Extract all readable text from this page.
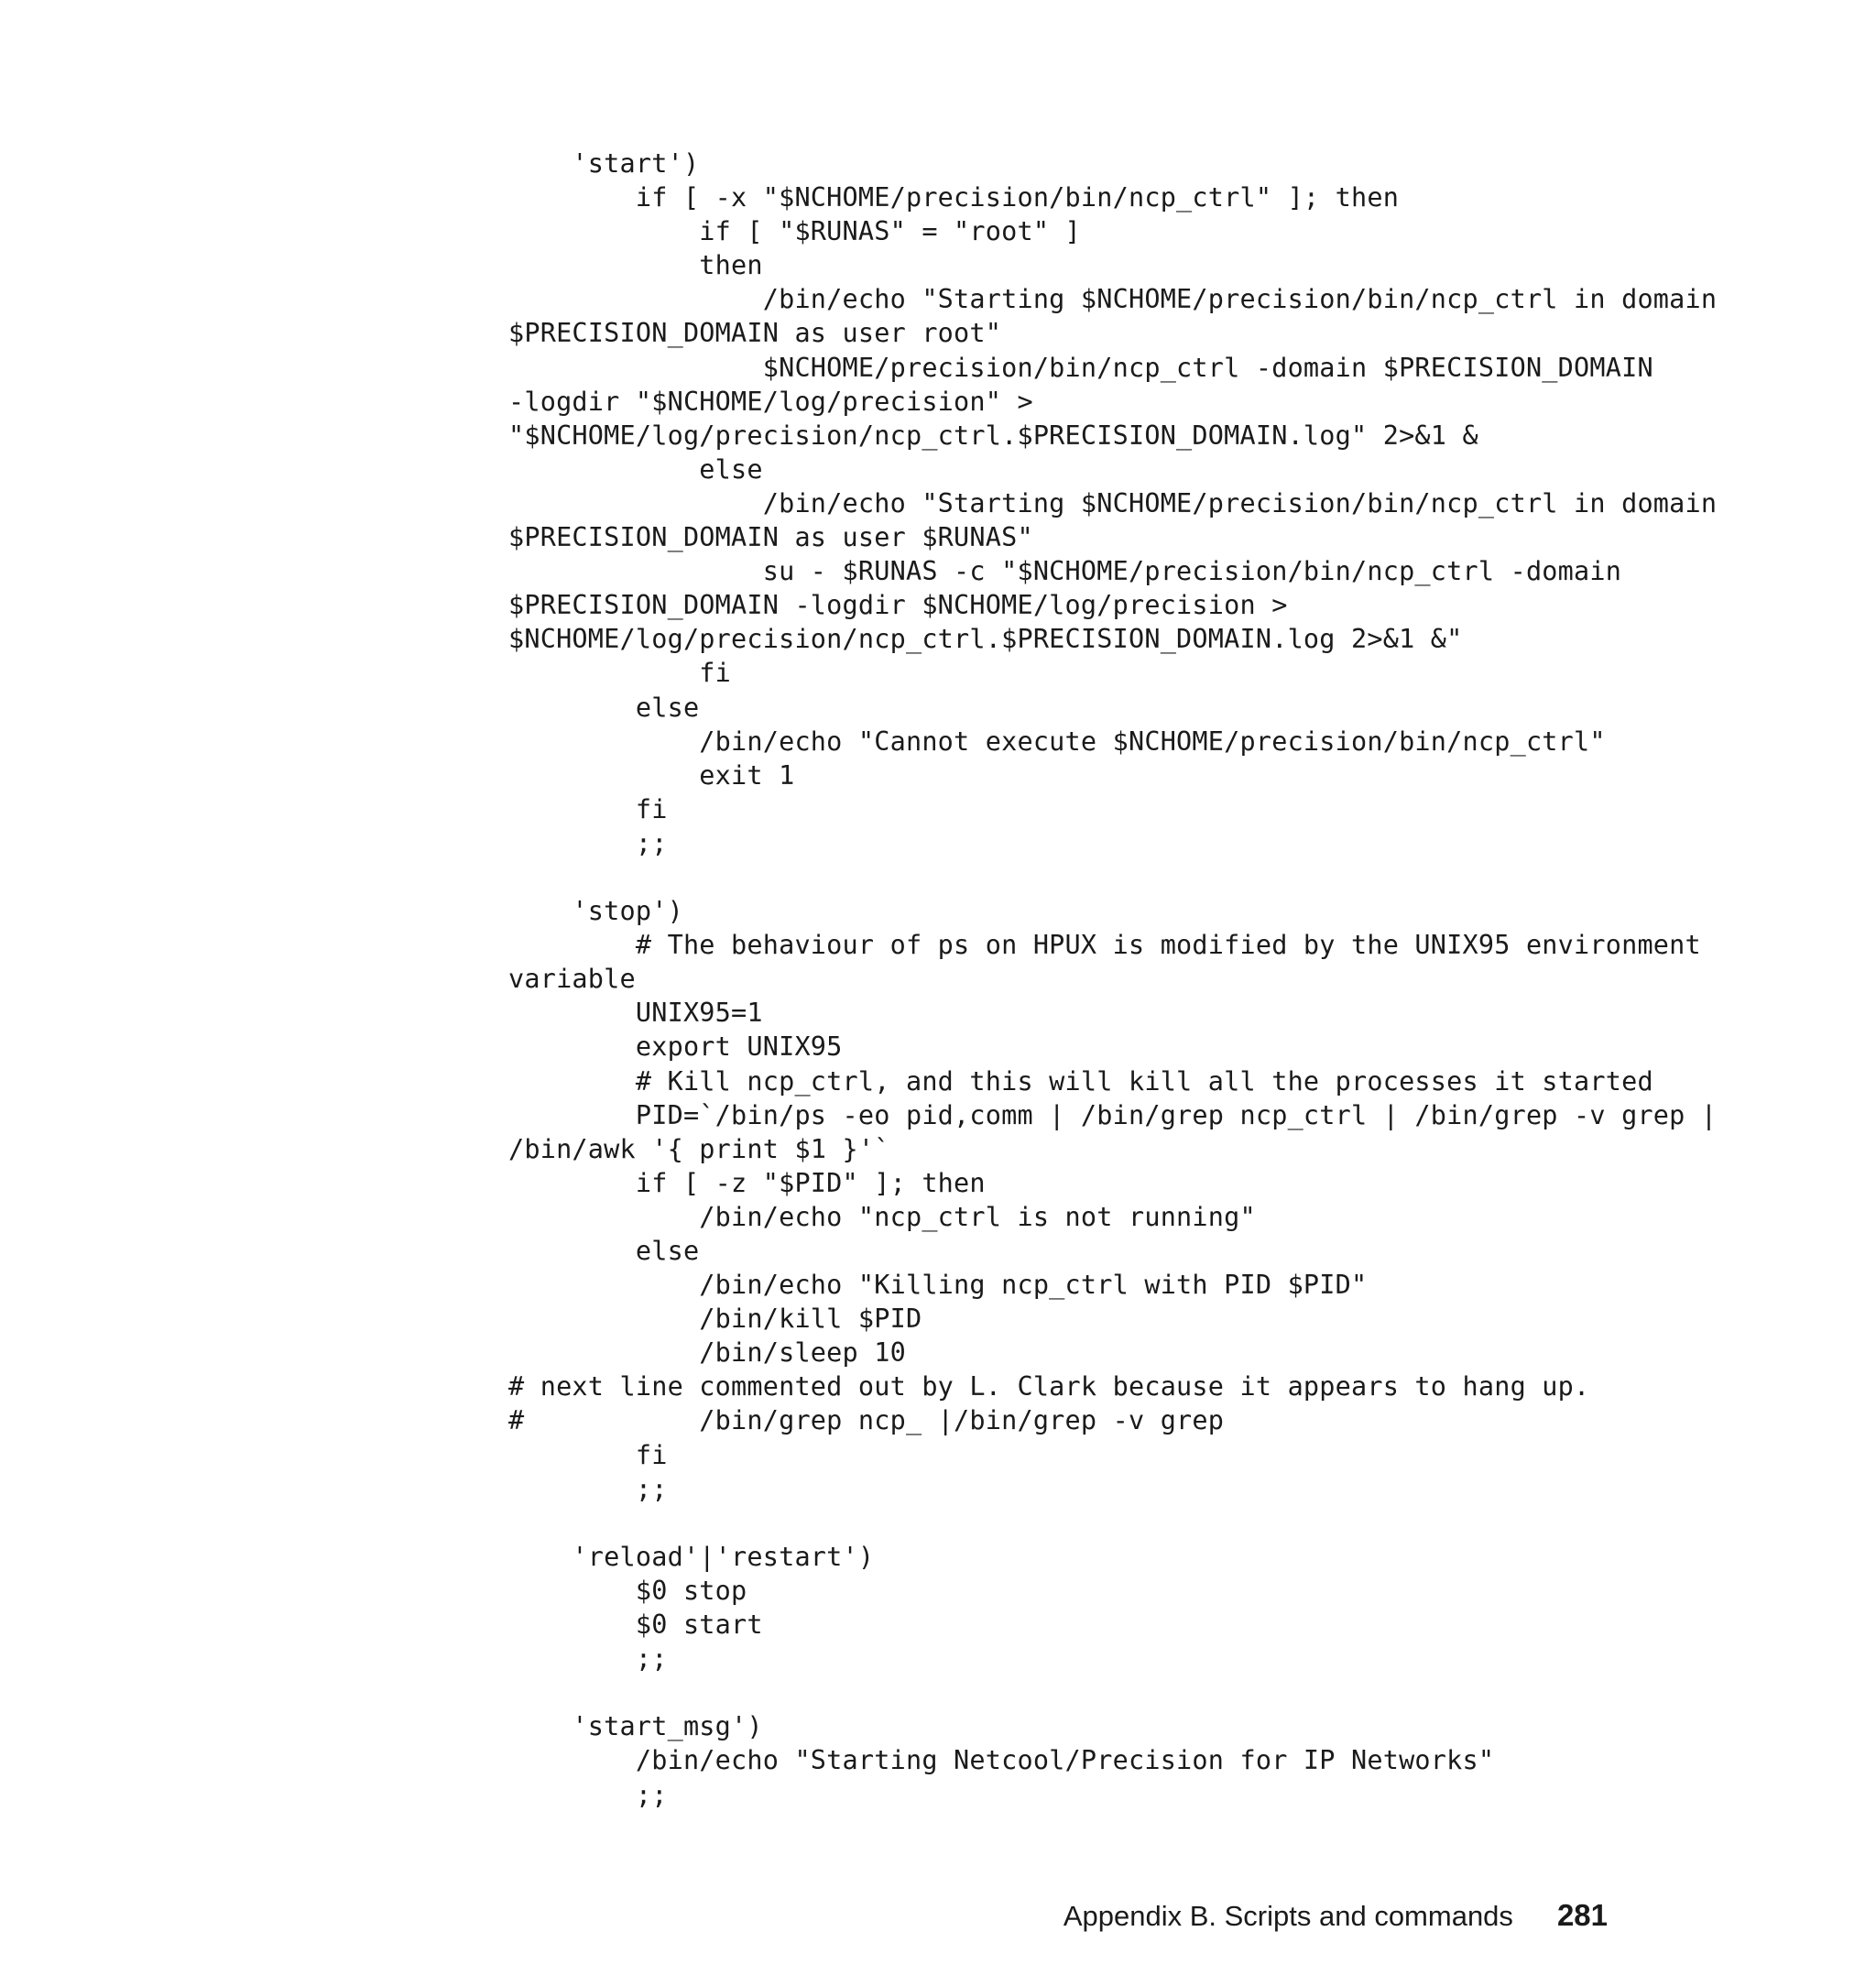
'start')
if [ -x "$NCHOME/precision/bin/ncp_ctrl" ]; then
if [ "$RUNAS" = "root" ]
then
/bin/echo "Starting $NCHOME/precision/bin/ncp_ctrl in domain
$PRECISION_DOMAIN as user root"
$NCHOME/precision/bin/ncp_ctrl -domain $PRECISION_DOMAIN
-logdir "$NCHOME/log/precision" >
"$NCHOME/log/precision/ncp_ctrl.$PRECISION_DOMAIN.log" 2>&1 &
else
/bin/echo "Starting $NCHOME/precision/bin/ncp_ctrl in domain
$PRECISION_DOMAIN as user $RUNAS"
su - $RUNAS -c "$NCHOME/precision/bin/ncp_ctrl -domain
$PRECISION_DOMAIN -logdir $NCHOME/log/precision >
$NCHOME/log/precision/ncp_ctrl.$PRECISION_DOMAIN.log 2>&1 &"
fi
else
/bin/echo "Cannot execute $NCHOME/precision/bin/ncp_ctrl"
exit 1
fi
;;
'stop')
# The behaviour of ps on HPUX is modified by the UNIX95 environment
variable
UNIX95=1
export UNIX95
# Kill ncp_ctrl, and this will kill all the processes it started
PID=`/bin/ps -eo pid,comm | /bin/grep ncp_ctrl | /bin/grep -v grep |
/bin/awk '{ print $1 }'`
if [ -z "$PID" ]; then
/bin/echo "ncp_ctrl is not running"
else
/bin/echo "Killing ncp_ctrl with PID $PID"
/bin/kill $PID
/bin/sleep 10
# next line commented out by L. Clark because it appears to hang up.
#           /bin/grep ncp_ |/bin/grep -v grep
fi
;;
'reload'|'restart')
$0 stop
$0 start
;;
'start_msg')
/bin/echo "Starting Netcool/Precision for IP Networks"
;;
Appendix B. Scripts and commands 281
